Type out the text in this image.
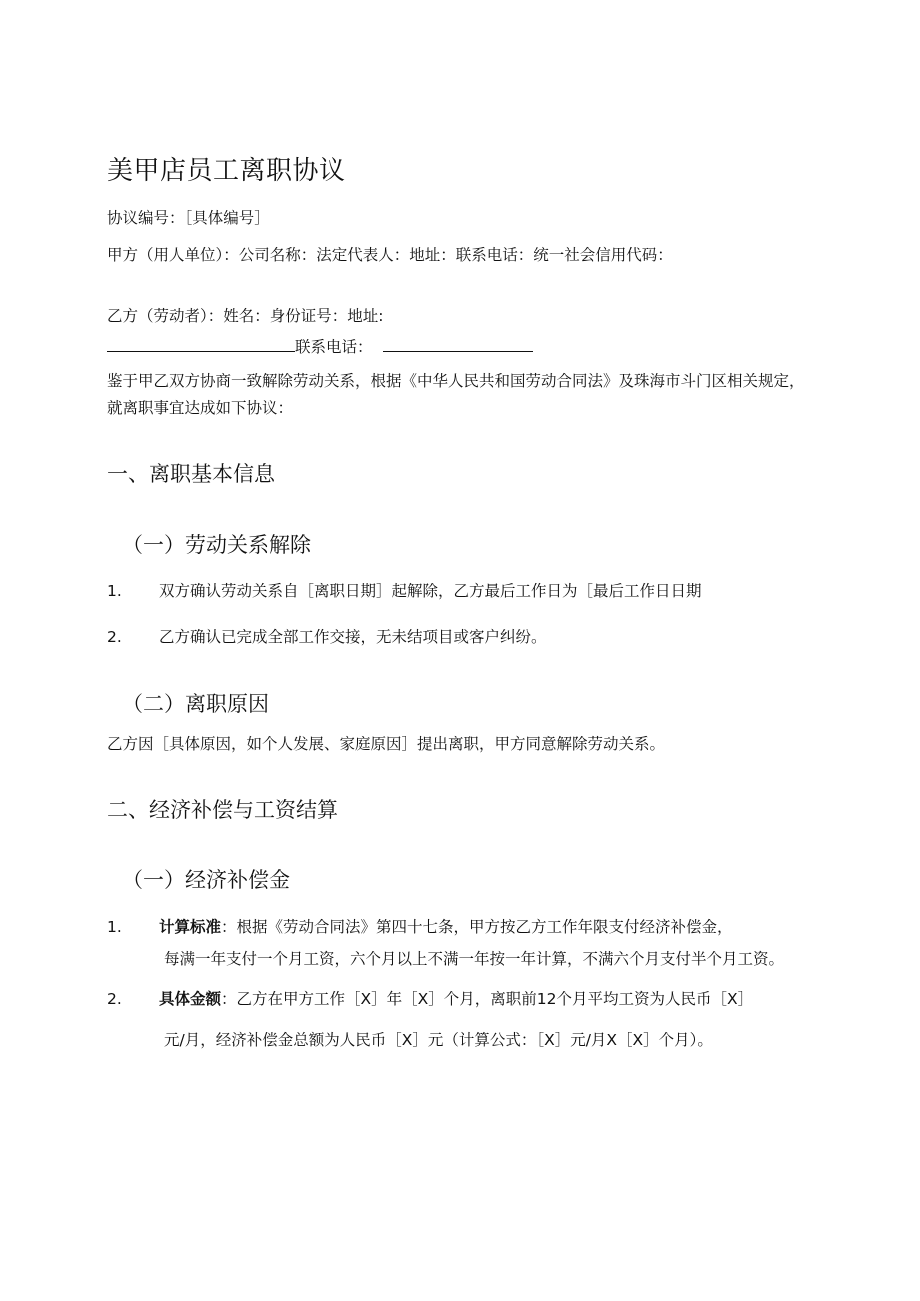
美甲店员工离职协议
协议编号：［具体编号］
甲方（用人单位）：公司名称：法定代表人：地址：联系电话：统一社会信用代码：
乙方（劳动者）：姓名：身份证号：地址:
联系电话：
鉴于甲乙双方协商一致解除劳动关系，根据《中华人民共和国劳动合同法》及珠海市斗门区相关规定，
就离职事宜达成如下协议：
一、离职基本信息
（一）劳动关系解除
1. 双方确认劳动关系自［离职日期］起解除，乙方最后工作日为［最后工作日日期
2. 乙方确认已完成全部工作交接，无未结项目或客户纠纷。
（二）离职原因
乙方因［具体原因，如个人发展、家庭原因］提出离职，甲方同意解除劳动关系。
二、经济补偿与工资结算
（一）经济补偿金
1. 计算标准：根据《劳动合同法》第四十七条，甲方按乙方工作年限支付经济补偿金，
每满一年支付一个月工资，六个月以上不满一年按一年计算，不满六个月支付半个月工资。
2. 具体金额：乙方在甲方工作［X］年［X］个月，离职前12个月平均工资为人民币［X］
元/月，经济补偿金总额为人民币［X］元（计算公式：［X］元/月X［X］个月）。
